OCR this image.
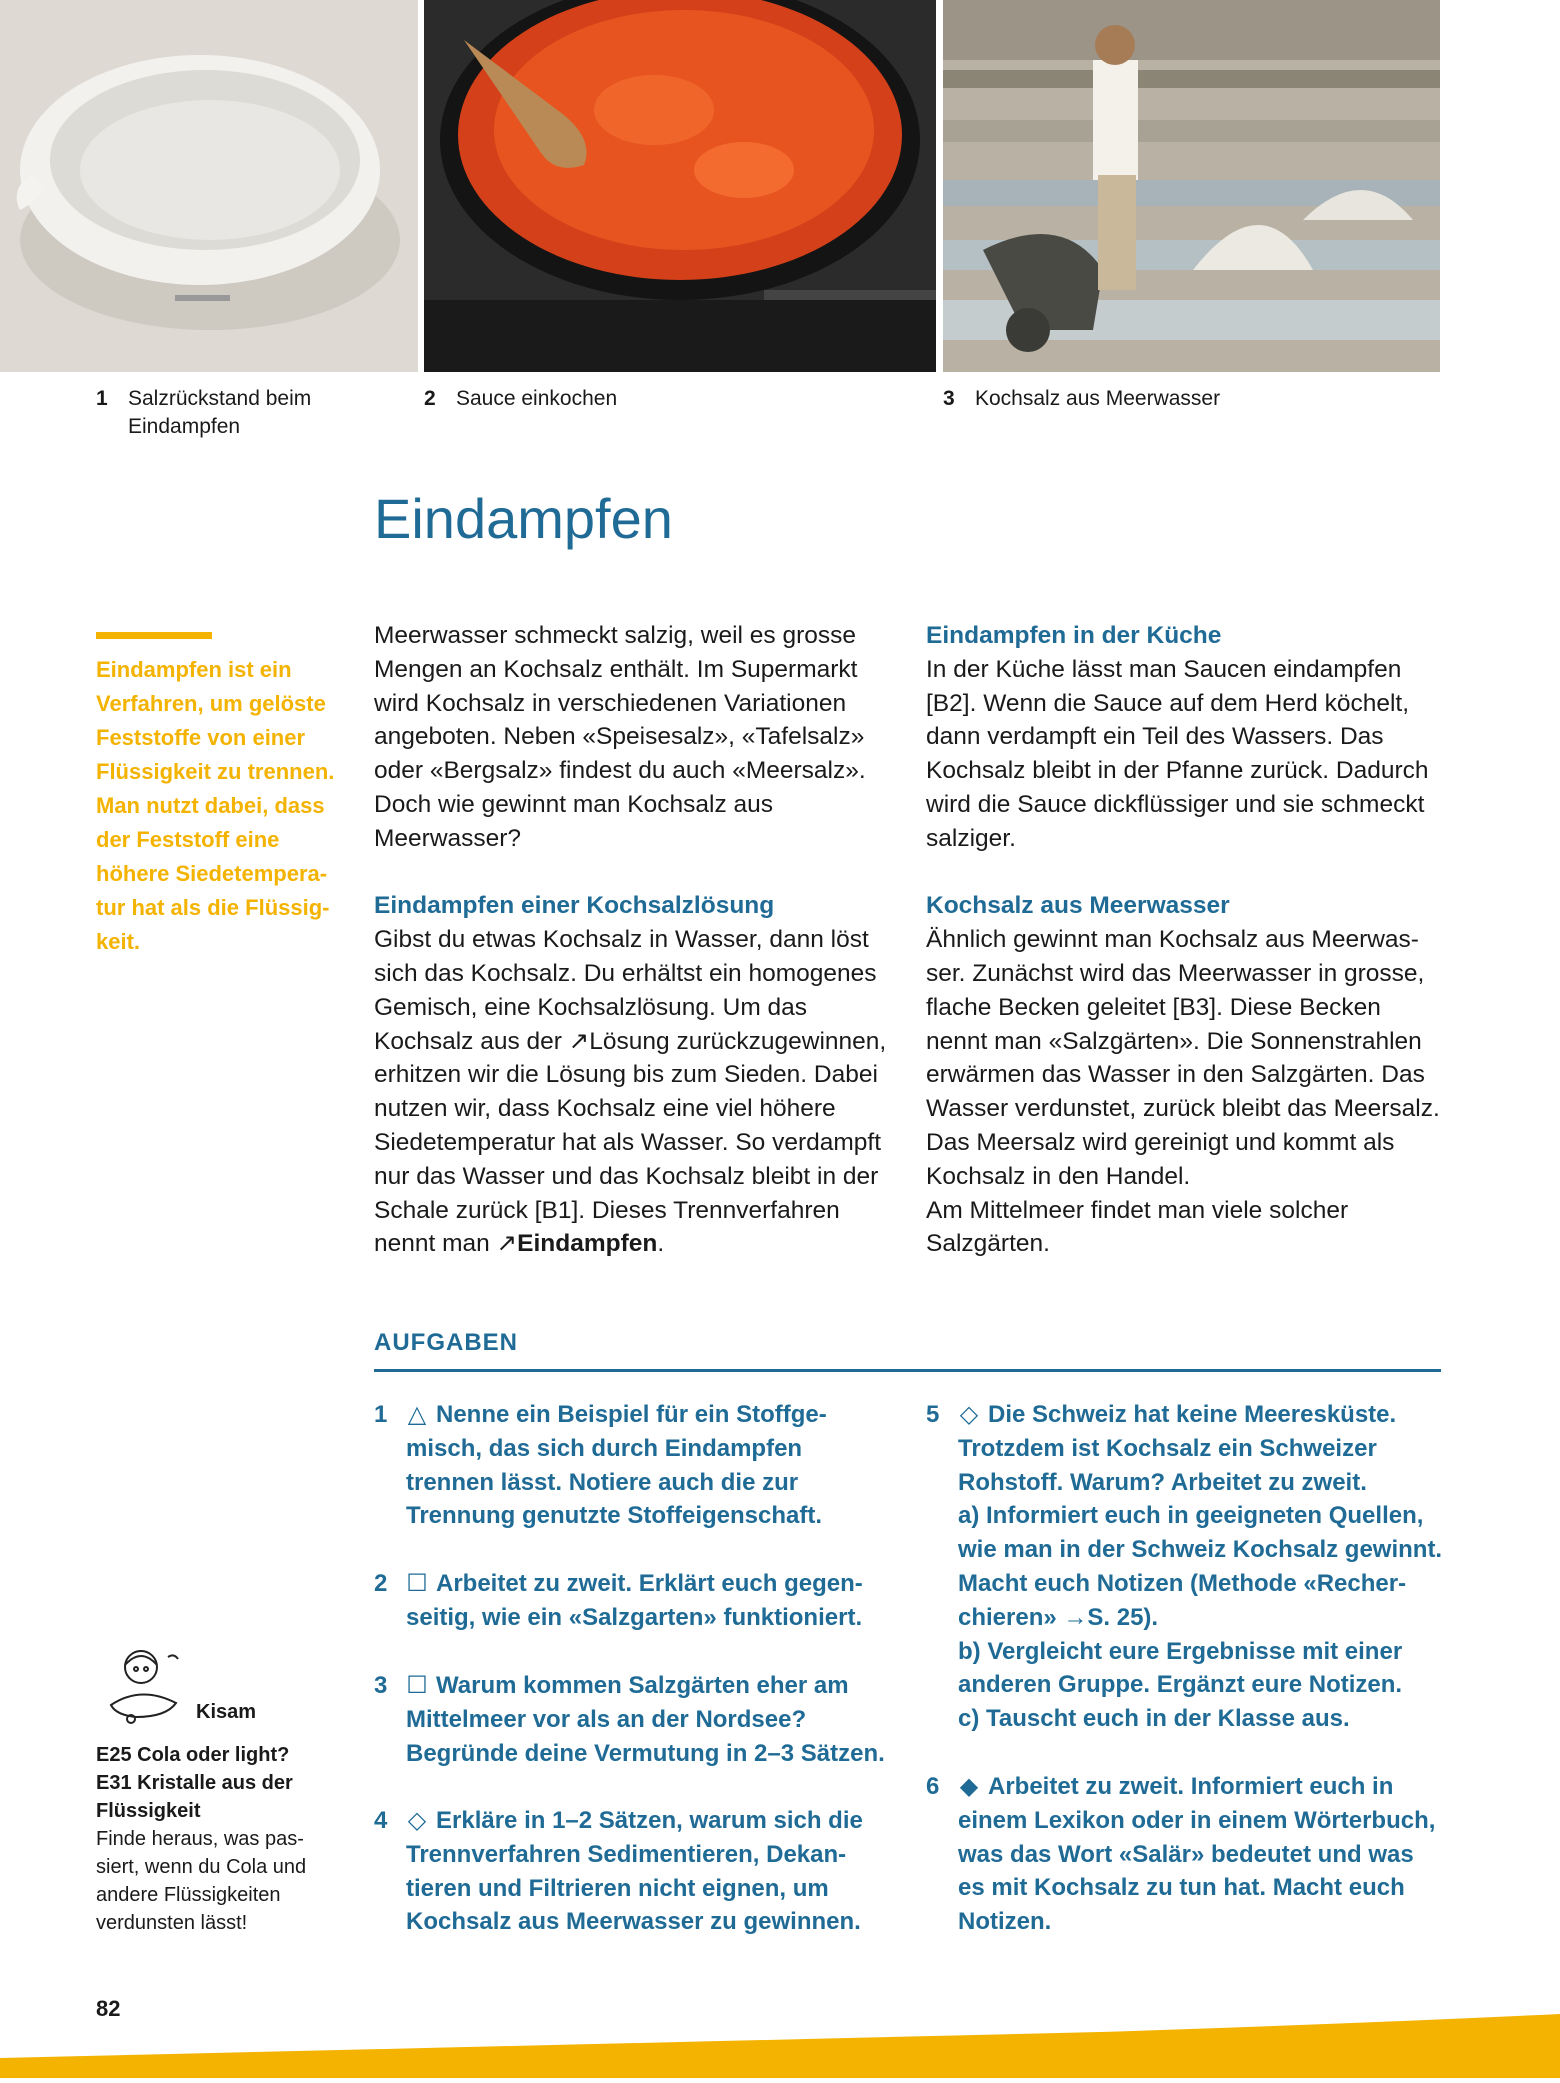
1 Salzrückstand beim
Eindampfen
2 Sauce einkochen	3 Kochsalz aus Meerwasser
Eindampfen
Eindampfen ist ein Verfahren, um gelöste Feststoffe von einer Flüssigkeit zu trennen. Man nutzt dabei, dass der Feststoff eine höhere Siedetemperatur hat als die Flüssigkeit.

Meerwasser schmeckt salzig, weil es grosse Mengen an Kochsalz enthält. Im Supermarkt wird Kochsalz in verschiedenen Variationen angeboten. Neben «Speisesalz», «Tafelsalz» oder «Bergsalz» findest du auch «Meersalz». Doch wie gewinnt man Kochsalz aus Meerwasser?

Eindampfen einer Kochsalzlösung

Gibst du etwas Kochsalz in Wasser, dann löst sich das Kochsalz. Du erhältst ein homogenes Gemisch, eine Kochsalzlösung. Um das Kochsalz aus der ↗Lösung zurückzugewinnen, erhitzen wir die Lösung bis zum Sieden. Dabei nutzen wir, dass Kochsalz eine viel höhere Siedetemperatur hat als Wasser. So verdampft nur das Wasser und das Kochsalz bleibt in der Schale zurück [B1]. Dieses Trennverfahren nennt man ↗Eindampfen.

Eindampfen in der Küche

In der Küche lässt man Saucen eindampfen [B2]. Wenn die Sauce auf dem Herd köchelt, dann verdampft ein Teil des Wassers. Das Kochsalz bleibt in der Pfanne zurück. Dadurch wird die Sauce dickflüssiger und sie schmeckt salziger.

Kochsalz aus Meerwasser

Ähnlich gewinnt man Kochsalz aus Meerwasser. Zunächst wird das Meerwasser in grosse, flache Becken geleitet [B3]. Diese Becken nennt man «Salzgärten». Die Sonnenstrahlen erwärmen das Wasser in den Salzgärten. Das Wasser verdunstet, zurück bleibt das Meersalz. Das Meersalz wird gereinigt und kommt als Kochsalz in den Handel.

Am Mittelmeer findet man viele solcher Salzgärten.

AUFGABEN
1 △ Nenne ein Beispiel für ein Stoffgemisch, das sich durch Eindampfen trennen lässt. Notiere auch die zur Trennung genutzte Stoffeigenschaft.
2 ☐ Arbeitet zu zweit. Erklärt euch gegenseitig, wie ein «Salzgarten» funktioniert.
3 ☐ Warum kommen Salzgärten eher am Mittelmeer vor als an der Nordsee? Begründe deine Vermutung in 2–3 Sätzen.
4 ◇ Erkläre in 1–2 Sätzen, warum sich die Trennverfahren Sedimentieren, Dekantieren und Filtrieren nicht eignen, um Kochsalz aus Meerwasser zu gewinnen.
5 ◇ Die Schweiz hat keine Meeresküste. Trotzdem ist Kochsalz ein Schweizer Rohstoff. Warum? Arbeitet zu zweit.
a) Informiert euch in geeigneten Quellen, wie man in der Schweiz Kochsalz gewinnt. Macht euch Notizen (Methode «Recherchieren» →S. 25).
b) Vergleicht eure Ergebnisse mit einer anderen Gruppe. Ergänzt eure Notizen.
c) Tauscht euch in der Klasse aus.
6 ◆ Arbeitet zu zweit. Informiert euch in einem Lexikon oder in einem Wörterbuch, was das Wort «Salär» bedeutet und was es mit Kochsalz zu tun hat. Macht euch Notizen.
Kisam
E25 Cola oder light?
E31 Kristalle aus der Flüssigkeit
Finde heraus, was passiert, wenn du Cola und andere Flüssigkeiten verdunsten lässt!
82
